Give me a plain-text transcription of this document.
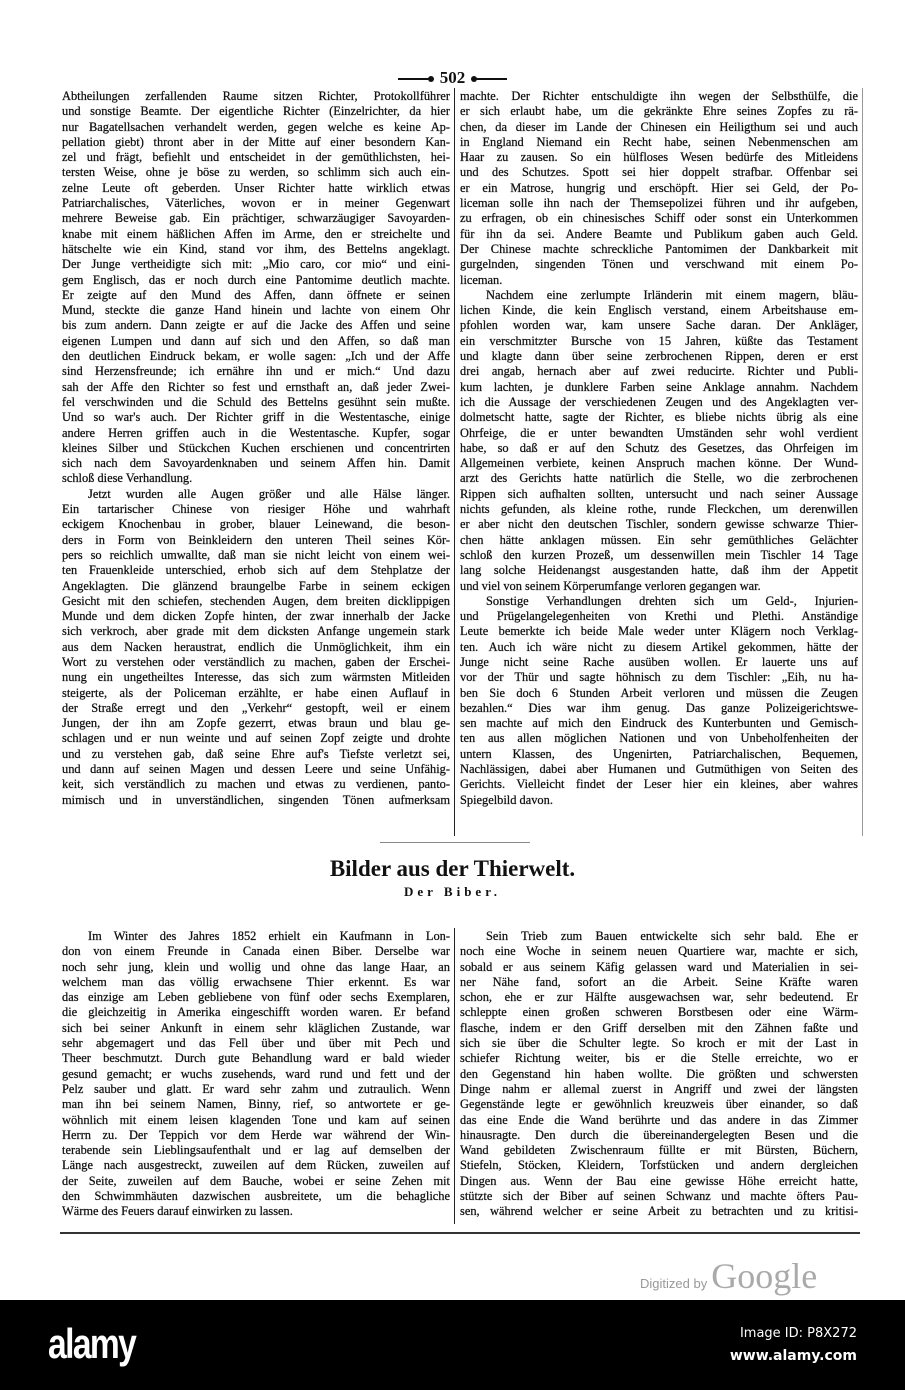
502
Abtheilungen zerfallenden Raume sitzen Richter, Protokollführer
und sonstige Beamte. Der eigentliche Richter (Einzelrichter, da hier
nur Bagatellsachen verhandelt werden, gegen welche es keine Ap-
pellation giebt) thront aber in der Mitte auf einer besondern Kan-
zel und frägt, befiehlt und entscheidet in der gemüthlichsten, hei-
tersten Weise, ohne je böse zu werden, so schlimm sich auch ein-
zelne Leute oft geberden. Unser Richter hatte wirklich etwas
Patriarchalisches, Väterliches, wovon er in meiner Gegenwart
mehrere Beweise gab. Ein prächtiger, schwarzäugiger Savoyarden-
knabe mit einem häßlichen Affen im Arme, den er streichelte und
hätschelte wie ein Kind, stand vor ihm, des Bettelns angeklagt.
Der Junge vertheidigte sich mit: „Mio caro, cor mio“ und eini-
gem Englisch, das er noch durch eine Pantomime deutlich machte.
Er zeigte auf den Mund des Affen, dann öffnete er seinen
Mund, steckte die ganze Hand hinein und lachte von einem Ohr
bis zum andern. Dann zeigte er auf die Jacke des Affen und seine
eigenen Lumpen und dann auf sich und den Affen, so daß man
den deutlichen Eindruck bekam, er wolle sagen: „Ich und der Affe
sind Herzensfreunde; ich ernähre ihn und er mich.“ Und dazu
sah der Affe den Richter so fest und ernsthaft an, daß jeder Zwei-
fel verschwinden und die Schuld des Bettelns gesühnt sein mußte.
Und so war's auch. Der Richter griff in die Westentasche, einige
andere Herren griffen auch in die Westentasche. Kupfer, sogar
kleines Silber und Stückchen Kuchen erschienen und concentrirten
sich nach dem Savoyardenknaben und seinem Affen hin. Damit
schloß diese Verhandlung.
Jetzt wurden alle Augen größer und alle Hälse länger.
Ein tartarischer Chinese von riesiger Höhe und wahrhaft
eckigem Knochenbau in grober, blauer Leinewand, die beson-
ders in Form von Beinkleidern den unteren Theil seines Kör-
pers so reichlich umwallte, daß man sie nicht leicht von einem wei-
ten Frauenkleide unterschied, erhob sich auf dem Stehplatze der
Angeklagten. Die glänzend braungelbe Farbe in seinem eckigen
Gesicht mit den schiefen, stechenden Augen, dem breiten dicklippigen
Munde und dem dicken Zopfe hinten, der zwar innerhalb der Jacke
sich verkroch, aber grade mit dem dicksten Anfange ungemein stark
aus dem Nacken heraustrat, endlich die Unmöglichkeit, ihm ein
Wort zu verstehen oder verständlich zu machen, gaben der Erschei-
nung ein ungetheiltes Interesse, das sich zum wärmsten Mitleiden
steigerte, als der Policeman erzählte, er habe einen Auflauf in
der Straße erregt und den „Verkehr“ gestopft, weil er einem
Jungen, der ihn am Zopfe gezerrt, etwas braun und blau ge-
schlagen und er nun weinte und auf seinen Zopf zeigte und drohte
und zu verstehen gab, daß seine Ehre auf's Tiefste verletzt sei,
und dann auf seinen Magen und dessen Leere und seine Unfähig-
keit, sich verständlich zu machen und etwas zu verdienen, panto-
mimisch und in unverständlichen, singenden Tönen aufmerksam
machte. Der Richter entschuldigte ihn wegen der Selbsthülfe, die
er sich erlaubt habe, um die gekränkte Ehre seines Zopfes zu rä-
chen, da dieser im Lande der Chinesen ein Heiligthum sei und auch
in England Niemand ein Recht habe, seinen Nebenmenschen am
Haar zu zausen. So ein hülfloses Wesen bedürfe des Mitleidens
und des Schutzes. Spott sei hier doppelt strafbar. Offenbar sei
er ein Matrose, hungrig und erschöpft. Hier sei Geld, der Po-
liceman solle ihn nach der Themsepolizei führen und ihr aufgeben,
zu erfragen, ob ein chinesisches Schiff oder sonst ein Unterkommen
für ihn da sei. Andere Beamte und Publikum gaben auch Geld.
Der Chinese machte schreckliche Pantomimen der Dankbarkeit mit
gurgelnden, singenden Tönen und verschwand mit einem Po-
liceman.
Nachdem eine zerlumpte Irländerin mit einem magern, bläu-
lichen Kinde, die kein Englisch verstand, einem Arbeitshause em-
pfohlen worden war, kam unsere Sache daran. Der Ankläger,
ein verschmitzter Bursche von 15 Jahren, küßte das Testament
und klagte dann über seine zerbrochenen Rippen, deren er erst
drei angab, hernach aber auf zwei reducirte. Richter und Publi-
kum lachten, je dunklere Farben seine Anklage annahm. Nachdem
ich die Aussage der verschiedenen Zeugen und des Angeklagten ver-
dolmetscht hatte, sagte der Richter, es bliebe nichts übrig als eine
Ohrfeige, die er unter bewandten Umständen sehr wohl verdient
habe, so daß er auf den Schutz des Gesetzes, das Ohrfeigen im
Allgemeinen verbiete, keinen Anspruch machen könne. Der Wund-
arzt des Gerichts hatte natürlich die Stelle, wo die zerbrochenen
Rippen sich aufhalten sollten, untersucht und nach seiner Aussage
nichts gefunden, als kleine rothe, runde Fleckchen, um derenwillen
er aber nicht den deutschen Tischler, sondern gewisse schwarze Thier-
chen hätte anklagen müssen. Ein sehr gemüthliches Gelächter
schloß den kurzen Prozeß, um dessenwillen mein Tischler 14 Tage
lang solche Heidenangst ausgestanden hatte, daß ihm der Appetit
und viel von seinem Körperumfange verloren gegangen war.
Sonstige Verhandlungen drehten sich um Geld-, Injurien-
und Prügelangelegenheiten von Krethi und Plethi. Anständige
Leute bemerkte ich beide Male weder unter Klägern noch Verklag-
ten. Auch ich wäre nicht zu diesem Artikel gekommen, hätte der
Junge nicht seine Rache ausüben wollen. Er lauerte uns auf
vor der Thür und sagte höhnisch zu dem Tischler: „Eih, nu ha-
ben Sie doch 6 Stunden Arbeit verloren und müssen die Zeugen
bezahlen.“ Dies war ihm genug. Das ganze Polizeigerichtswe-
sen machte auf mich den Eindruck des Kunterbunten und Gemisch-
ten aus allen möglichen Nationen und von Unbeholfenheiten der
untern Klassen, des Ungenirten, Patriarchalischen, Bequemen,
Nachlässigen, dabei aber Humanen und Gutmüthigen von Seiten des
Gerichts. Vielleicht findet der Leser hier ein kleines, aber wahres
Spiegelbild davon.
Bilder aus der Thierwelt.
Der Biber.
Im Winter des Jahres 1852 erhielt ein Kaufmann in Lon-
don von einem Freunde in Canada einen Biber. Derselbe war
noch sehr jung, klein und wollig und ohne das lange Haar, an
welchem man das völlig erwachsene Thier erkennt. Es war
das einzige am Leben gebliebene von fünf oder sechs Exemplaren,
die gleichzeitig in Amerika eingeschifft worden waren. Er befand
sich bei seiner Ankunft in einem sehr kläglichen Zustande, war
sehr abgemagert und das Fell über und über mit Pech und
Theer beschmutzt. Durch gute Behandlung ward er bald wieder
gesund gemacht; er wuchs zusehends, ward rund und fett und der
Pelz sauber und glatt. Er ward sehr zahm und zutraulich. Wenn
man ihn bei seinem Namen, Binny, rief, so antwortete er ge-
wöhnlich mit einem leisen klagenden Tone und kam auf seinen
Herrn zu. Der Teppich vor dem Herde war während der Win-
terabende sein Lieblingsaufenthalt und er lag auf demselben der
Länge nach ausgestreckt, zuweilen auf dem Rücken, zuweilen auf
der Seite, zuweilen auf dem Bauche, wobei er seine Zehen mit
den Schwimmhäuten dazwischen ausbreitete, um die behagliche
Wärme des Feuers darauf einwirken zu lassen.
Sein Trieb zum Bauen entwickelte sich sehr bald. Ehe er
noch eine Woche in seinem neuen Quartiere war, machte er sich,
sobald er aus seinem Käfig gelassen ward und Materialien in sei-
ner Nähe fand, sofort an die Arbeit. Seine Kräfte waren
schon, ehe er zur Hälfte ausgewachsen war, sehr bedeutend. Er
schleppte einen großen schweren Borstbesen oder eine Wärm-
flasche, indem er den Griff derselben mit den Zähnen faßte und
sich sie über die Schulter legte. So kroch er mit der Last in
schiefer Richtung weiter, bis er die Stelle erreichte, wo er
den Gegenstand hin haben wollte. Die größten und schwersten
Dinge nahm er allemal zuerst in Angriff und zwei der längsten
Gegenstände legte er gewöhnlich kreuzweis über einander, so daß
das eine Ende die Wand berührte und das andere in das Zimmer
hinausragte. Den durch die übereinandergelegten Besen und die
Wand gebildeten Zwischenraum füllte er mit Bürsten, Büchern,
Stiefeln, Stöcken, Kleidern, Torfstücken und andern dergleichen
Dingen aus. Wenn der Bau eine gewisse Höhe erreicht hatte,
stützte sich der Biber auf seinen Schwanz und machte öfters Pau-
sen, während welcher er seine Arbeit zu betrachten und zu kritisi-
Digitized by Google
alamy	Image ID: P8X272
www.alamy.com
